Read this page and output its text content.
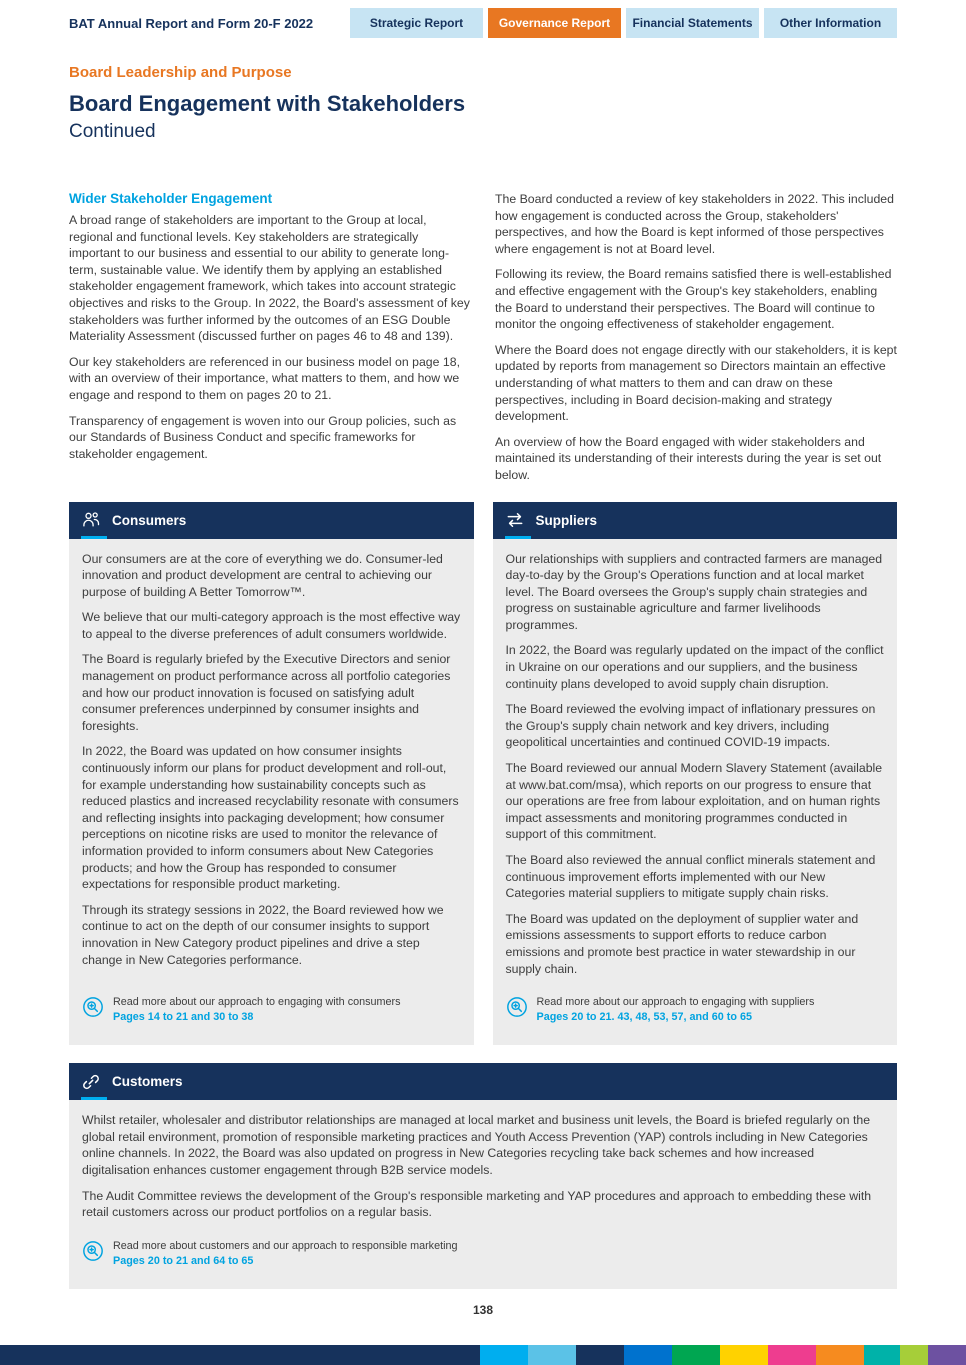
BAT Annual Report and Form 20-F 2022	Strategic Report	Governance Report	Financial Statements	Other Information
Board Leadership and Purpose
Board Engagement with Stakeholders
Continued
Wider Stakeholder Engagement

A broad range of stakeholders are important to the Group at local, regional and functional levels. Key stakeholders are strategically important to our business and essential to our ability to generate long-term, sustainable value. We identify them by applying an established stakeholder engagement framework, which takes into account strategic objectives and risks to the Group. In 2022, the Board's assessment of key stakeholders was further informed by the outcomes of an ESG Double Materiality Assessment (discussed further on pages 46 to 48 and 139).

Our key stakeholders are referenced in our business model on page 18, with an overview of their importance, what matters to them, and how we engage and respond to them on pages 20 to 21.

Transparency of engagement is woven into our Group policies, such as our Standards of Business Conduct and specific frameworks for stakeholder engagement.

The Board conducted a review of key stakeholders in 2022. This included how engagement is conducted across the Group, stakeholders' perspectives, and how the Board is kept informed of those perspectives where engagement is not at Board level.

Following its review, the Board remains satisfied there is well-established and effective engagement with the Group's key stakeholders, enabling the Board to understand their perspectives. The Board will continue to monitor the ongoing effectiveness of stakeholder engagement.

Where the Board does not engage directly with our stakeholders, it is kept updated by reports from management so Directors maintain an effective understanding of what matters to them and can draw on these perspectives, including in Board decision-making and strategy development.

An overview of how the Board engaged with wider stakeholders and maintained its understanding of their interests during the year is set out below.

Consumers

Our consumers are at the core of everything we do. Consumer-led innovation and product development are central to achieving our purpose of building A Better Tomorrow™.

We believe that our multi-category approach is the most effective way to appeal to the diverse preferences of adult consumers worldwide.

The Board is regularly briefed by the Executive Directors and senior management on product performance across all portfolio categories and how our product innovation is focused on satisfying adult consumer preferences underpinned by consumer insights and foresights.

In 2022, the Board was updated on how consumer insights continuously inform our plans for product development and roll-out, for example understanding how sustainability concepts such as reduced plastics and increased recyclability resonate with consumers and reflecting insights into packaging development; how consumer perceptions on nicotine risks are used to monitor the relevance of information provided to inform consumers about New Categories products; and how the Group has responded to consumer expectations for responsible product marketing.

Through its strategy sessions in 2022, the Board reviewed how we continue to act on the depth of our consumer insights to support innovation in New Category product pipelines and drive a step change in New Categories performance.

Read more about our approach to engaging with consumers
Pages 14 to 21 and 30 to 38
Suppliers

Our relationships with suppliers and contracted farmers are managed day-to-day by the Group's Operations function and at local market level. The Board oversees the Group's supply chain strategies and progress on sustainable agriculture and farmer livelihoods programmes.

In 2022, the Board was regularly updated on the impact of the conflict in Ukraine on our operations and our suppliers, and the business continuity plans developed to avoid supply chain disruption.

The Board reviewed the evolving impact of inflationary pressures on the Group's supply chain network and key drivers, including geopolitical uncertainties and continued COVID-19 impacts.

The Board reviewed our annual Modern Slavery Statement (available at www.bat.com/msa), which reports on our progress to ensure that our operations are free from labour exploitation, and on human rights impact assessments and monitoring programmes conducted in support of this commitment.

The Board also reviewed the annual conflict minerals statement and continuous improvement efforts implemented with our New Categories material suppliers to mitigate supply chain risks.

The Board was updated on the deployment of supplier water and emissions assessments to support efforts to reduce carbon emissions and promote best practice in water stewardship in our supply chain.

Read more about our approach to engaging with suppliers
Pages 20 to 21. 43, 48, 53, 57, and 60 to 65
Customers

Whilst retailer, wholesaler and distributor relationships are managed at local market and business unit levels, the Board is briefed regularly on the global retail environment, promotion of responsible marketing practices and Youth Access Prevention (YAP) controls including in New Categories online channels. In 2022, the Board was also updated on progress in New Categories recycling take back schemes and how increased digitalisation enhances customer engagement through B2B service models.

The Audit Committee reviews the development of the Group's responsible marketing and YAP procedures and approach to embedding these with retail customers across our product portfolios on a regular basis.

Read more about customers and our approach to responsible marketing
Pages 20 to 21 and 64 to 65
138
